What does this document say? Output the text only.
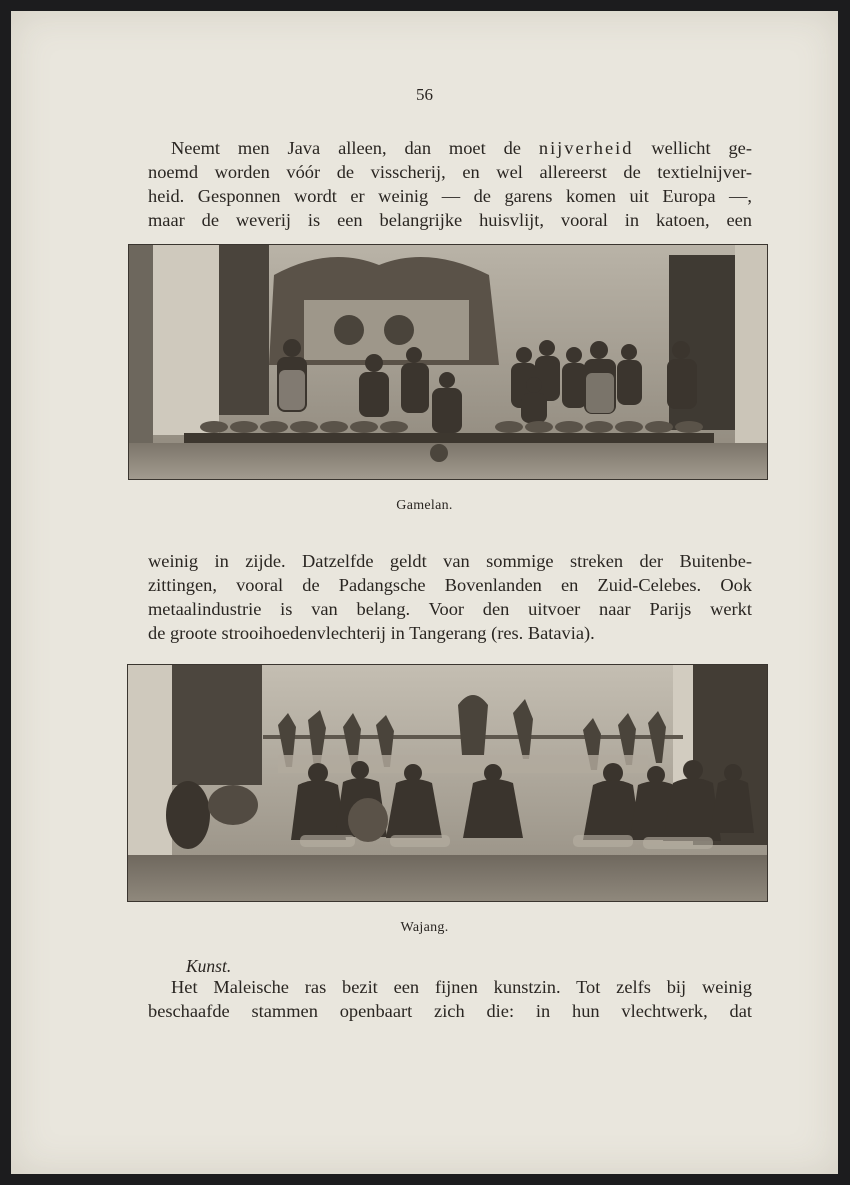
56
Neemt men Java alleen, dan moet de nijverheid wellicht ge-
noemd worden vóór de visscherij, en wel allereerst de textielnijver-
heid. Gesponnen wordt er weinig — de garens komen uit Europa —,
maar de weverij is een belangrijke huisvlijt, vooral in katoen, een
Gamelan.
weinig in zijde. Datzelfde geldt van sommige streken der Buitenbe-
zittingen, vooral de Padangsche Bovenlanden en Zuid-Celebes. Ook
metaalindustrie is van belang. Voor den uitvoer naar Parijs werkt
de groote strooihoedenvlechterij in Tangerang (res. Batavia).
Wajang.
Kunst.
Het Maleische ras bezit een fijnen kunstzin. Tot zelfs bij weinig
beschaafde stammen openbaart zich die: in hun vlechtwerk, dat
